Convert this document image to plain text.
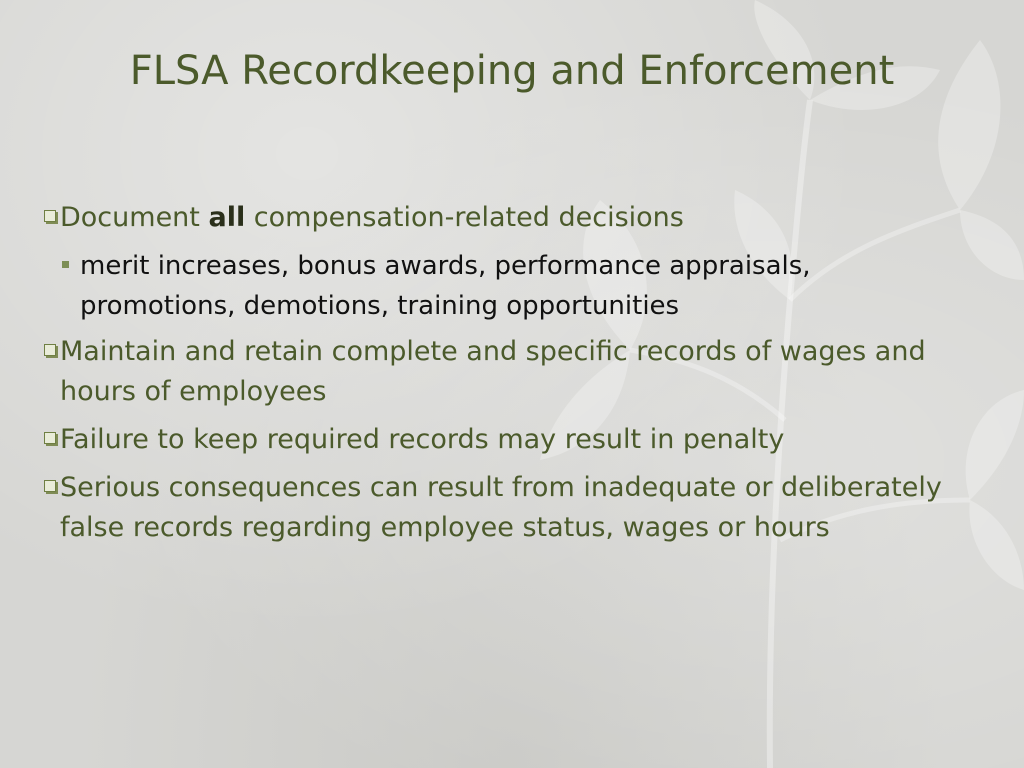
FLSA Recordkeeping and Enforcement
Document all compensation-related decisions
merit increases, bonus awards, performance appraisals, promotions, demotions, training opportunities
Maintain and retain complete and specific records of wages and hours of employees
Failure to keep required records may result in penalty
Serious consequences can result from inadequate or deliberately false records regarding employee status, wages or hours
